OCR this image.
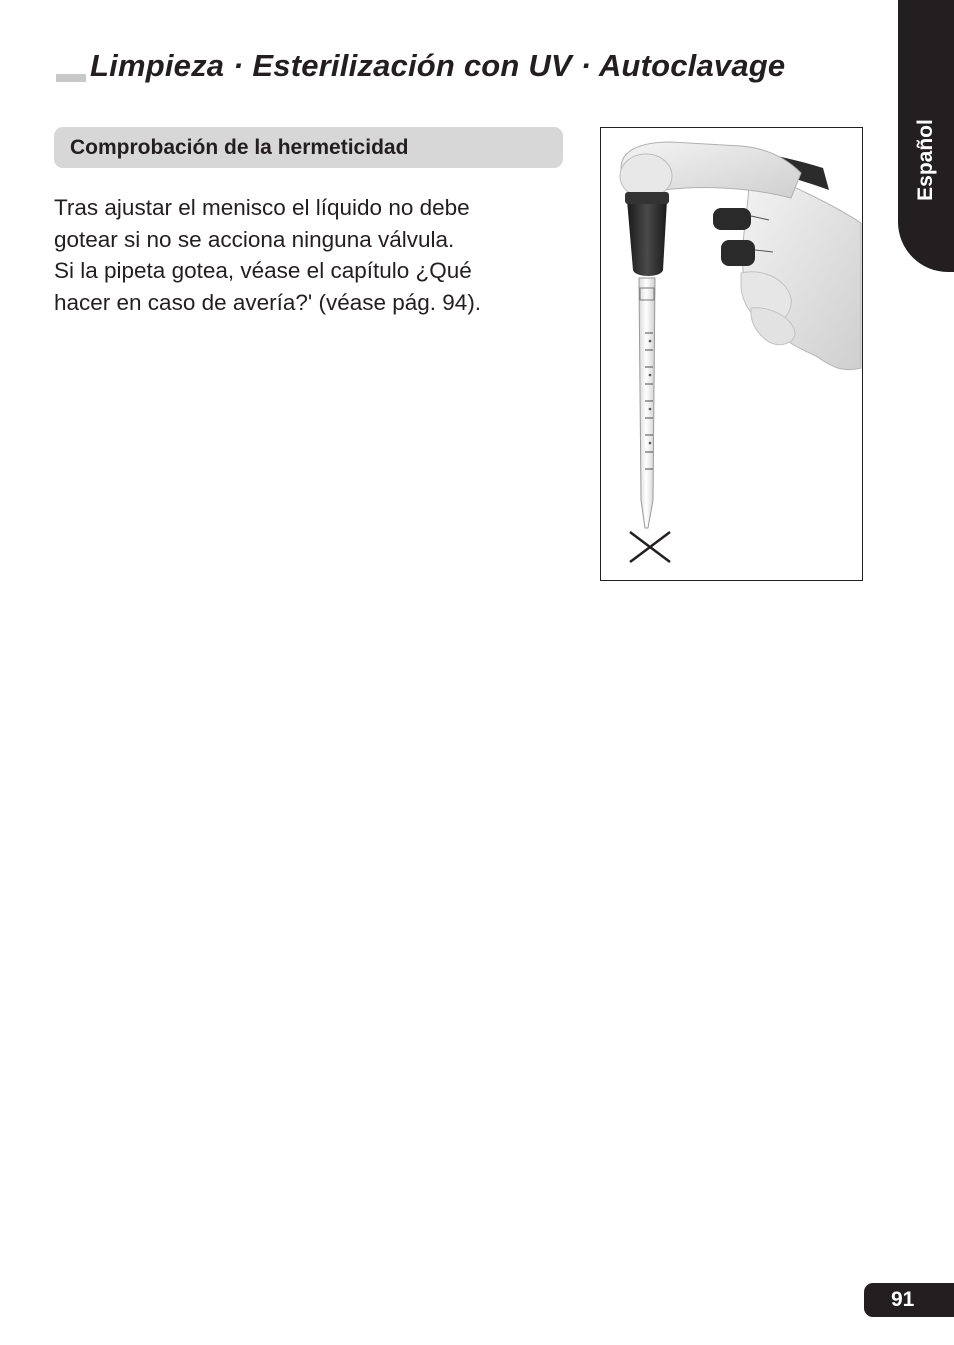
Limpieza · Esterilización con UV · Autoclavage
Español
Comprobación de la hermeticidad

Tras ajustar el menisco el líquido no debe
gotear si no se acciona ninguna válvula.
Si la pipeta gotea, véase el capítulo ¿Qué
hacer en caso de avería?' (véase pág. 94).

91
